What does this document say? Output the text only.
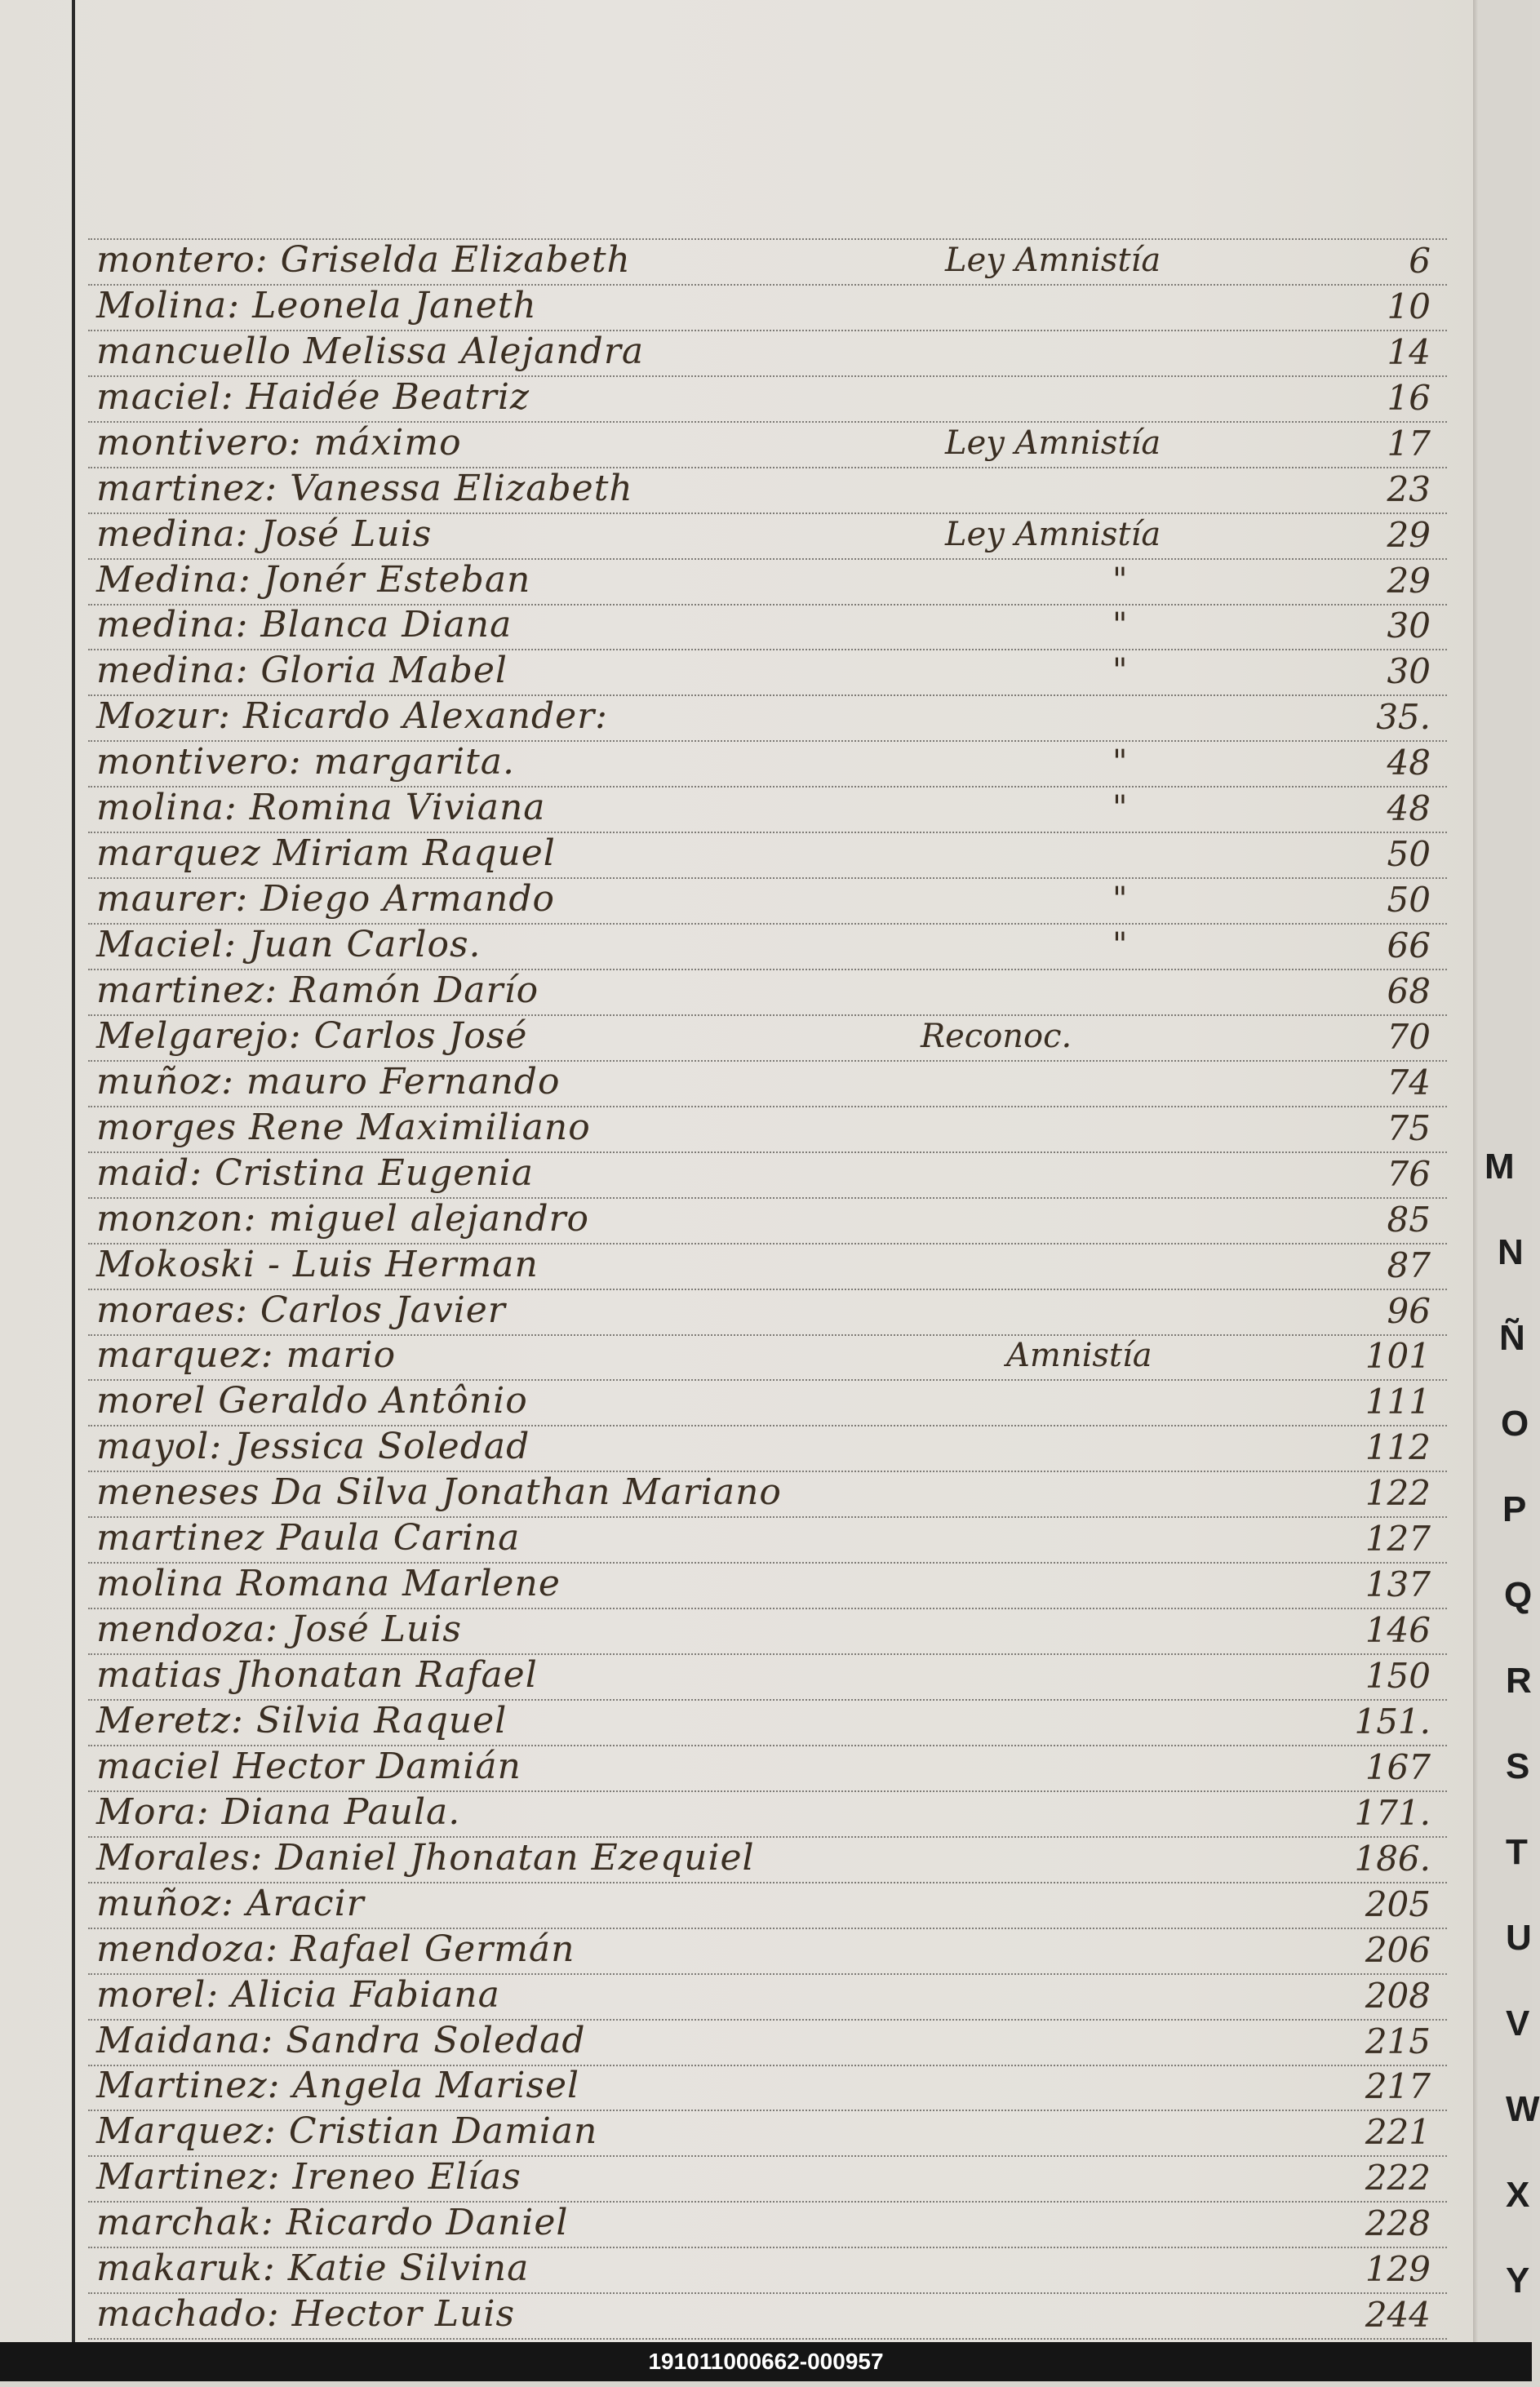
montero: Griselda Elizabeth	Ley Amnistía	6
Molina: Leonela Janeth	10
mancuello Melissa Alejandra	14
maciel: Haidée Beatriz	16
montivero: máximo	Ley Amnistía	17
martinez: Vanessa Elizabeth	23
medina: José Luis	Ley Amnistía	29
Medina: Jonér Esteban	"	29
medina: Blanca Diana	"	30
medina: Gloria Mabel	"	30
Mozur: Ricardo Alexander:	35.
montivero: margarita.	"	48
molina: Romina Viviana	"	48
marquez Miriam Raquel	50
maurer: Diego Armando	"	50
Maciel: Juan Carlos.	"	66
martinez: Ramón Darío	68
Melgarejo: Carlos José	Reconoc.	70
muñoz: mauro Fernando	74
morges Rene Maximiliano	75
maid: Cristina Eugenia	76
monzon: miguel alejandro	85
Mokoski - Luis Herman	87
moraes: Carlos Javier	96
marquez: mario	Amnistía	101
morel Geraldo Antônio	111
mayol: Jessica Soledad	112
meneses Da Silva Jonathan Mariano	122
martinez Paula Carina	127
molina Romana Marlene	137
mendoza: José Luis	146
matias Jhonatan Rafael	150
Meretz: Silvia Raquel	151.
maciel Hector Damián	167
Mora: Diana Paula.	171.
Morales: Daniel Jhonatan Ezequiel	186.
muñoz: Aracir	205
mendoza: Rafael Germán	206
morel: Alicia Fabiana	208
Maidana: Sandra Soledad	215
Martinez: Angela Marisel	217
Marquez: Cristian Damian	221
Martinez: Ireneo Elías	222
marchak: Ricardo Daniel	228
makaruk: Katie Silvina	129
machado: Hector Luis	244
M
N
Ñ
O
P
Q
R
S
T
U
V
W
X
Y
191011000662-000957
